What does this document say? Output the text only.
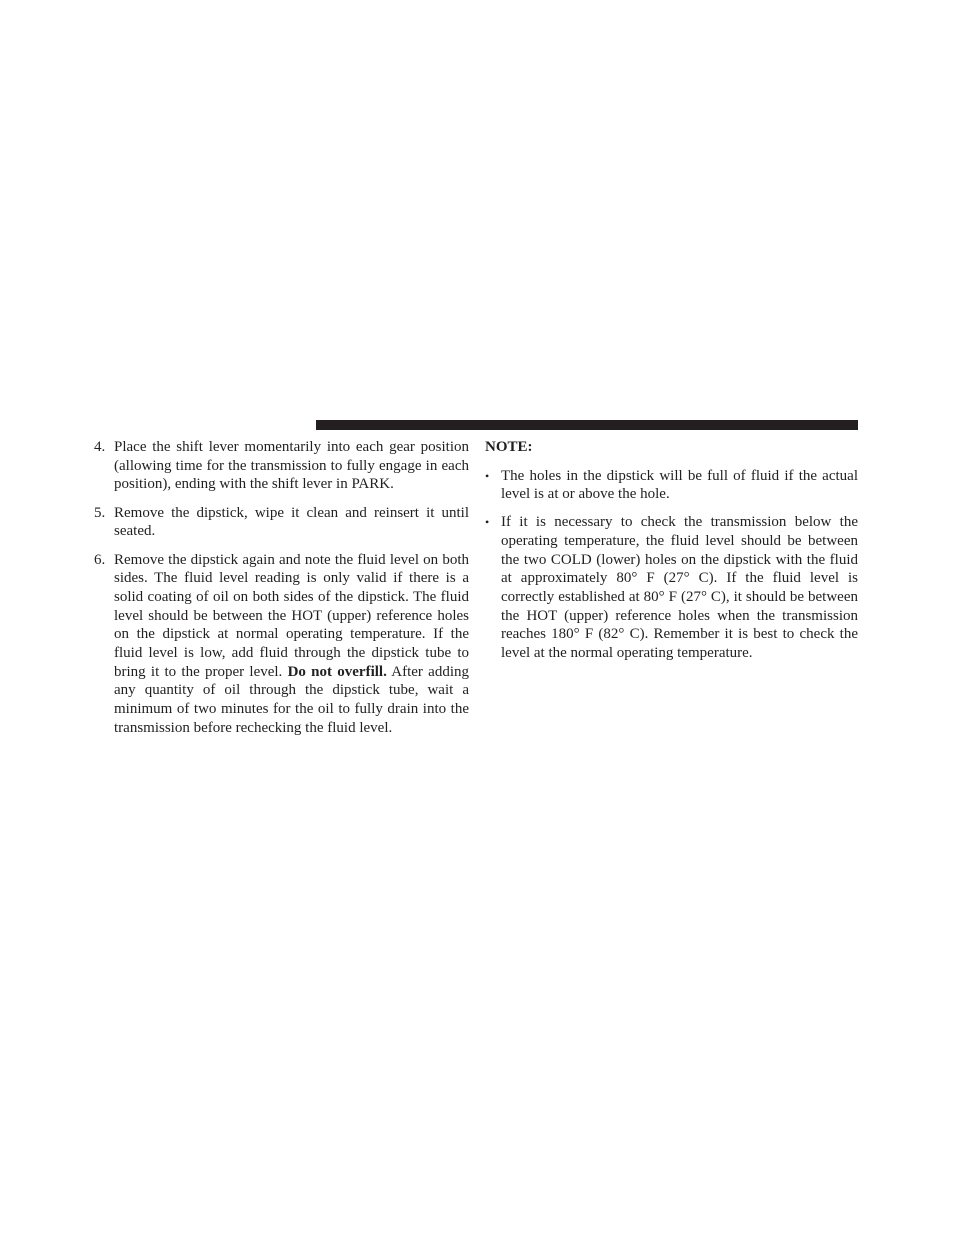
4. Place the shift lever momentarily into each gear position (allowing time for the transmission to fully engage in each position), ending with the shift lever in PARK.
5. Remove the dipstick, wipe it clean and reinsert it until seated.
6. Remove the dipstick again and note the fluid level on both sides. The fluid level reading is only valid if there is a solid coating of oil on both sides of the dipstick. The fluid level should be between the HOT (upper) reference holes on the dipstick at normal operating temperature. If the fluid level is low, add fluid through the dipstick tube to bring it to the proper level. Do not overfill. After adding any quantity of oil through the dipstick tube, wait a minimum of two minutes for the oil to fully drain into the transmission before rechecking the fluid level.
NOTE:
• The holes in the dipstick will be full of fluid if the actual level is at or above the hole.
• If it is necessary to check the transmission below the operating temperature, the fluid level should be between the two COLD (lower) holes on the dipstick with the fluid at approximately 80° F (27° C). If the fluid level is correctly established at 80° F (27° C), it should be between the HOT (upper) reference holes when the transmission reaches 180° F (82° C). Remember it is best to check the level at the normal operating temperature.
